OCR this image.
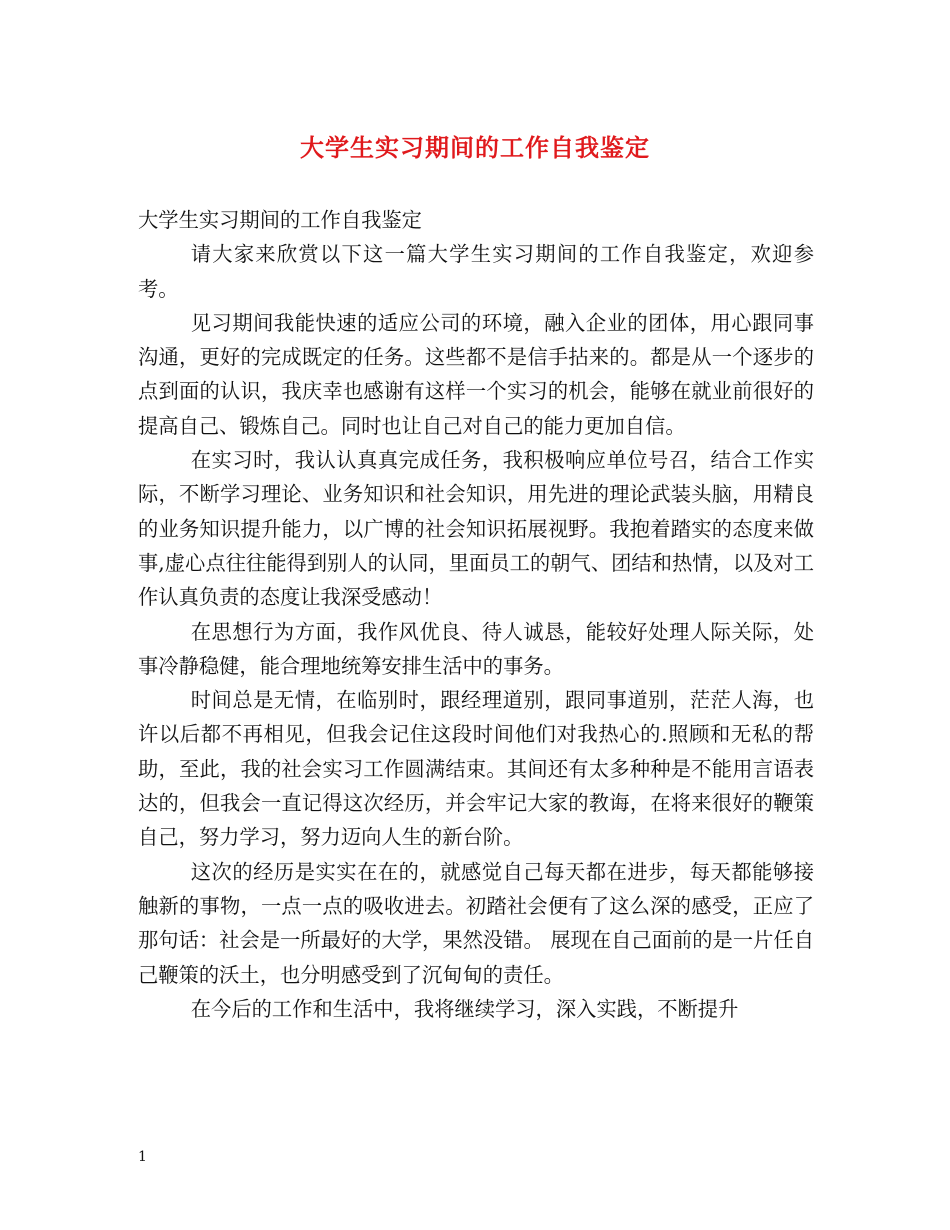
大学生实习期间的工作自我鉴定

大学生实习期间的工作自我鉴定

请大家来欣赏以下这一篇大学生实习期间的工作自我鉴定，欢迎参考。

见习期间我能快速的适应公司的环境，融入企业的团体，用心跟同事沟通，更好的完成既定的任务。这些都不是信手拈来的。都是从一个逐步的点到面的认识，我庆幸也感谢有这样一个实习的机会，能够在就业前很好的提高自己、锻炼自己。同时也让自己对自己的能力更加自信。

在实习时，我认认真真完成任务，我积极响应单位号召，结合工作实际，不断学习理论、业务知识和社会知识，用先进的理论武装头脑，用精良的业务知识提升能力，以广博的社会知识拓展视野。我抱着踏实的态度来做事,虚心点往往能得到别人的认同，里面员工的朝气、团结和热情，以及对工作认真负责的态度让我深受感动！

在思想行为方面，我作风优良、待人诚恳，能较好处理人际关际，处事冷静稳健，能合理地统筹安排生活中的事务。

时间总是无情，在临别时，跟经理道别，跟同事道别，茫茫人海，也许以后都不再相见，但我会记住这段时间他们对我热心的.照顾和无私的帮助，至此，我的社会实习工作圆满结束。其间还有太多种种是不能用言语表达的，但我会一直记得这次经历，并会牢记大家的教诲，在将来很好的鞭策自己，努力学习，努力迈向人生的新台阶。

这次的经历是实实在在的，就感觉自己每天都在进步，每天都能够接触新的事物，一点一点的吸收进去。初踏社会便有了这么深的感受，正应了那句话：社会是一所最好的大学，果然没错。 展现在自己面前的是一片任自己鞭策的沃土，也分明感受到了沉甸甸的责任。

在今后的工作和生活中，我将继续学习，深入实践，不断提升

1
